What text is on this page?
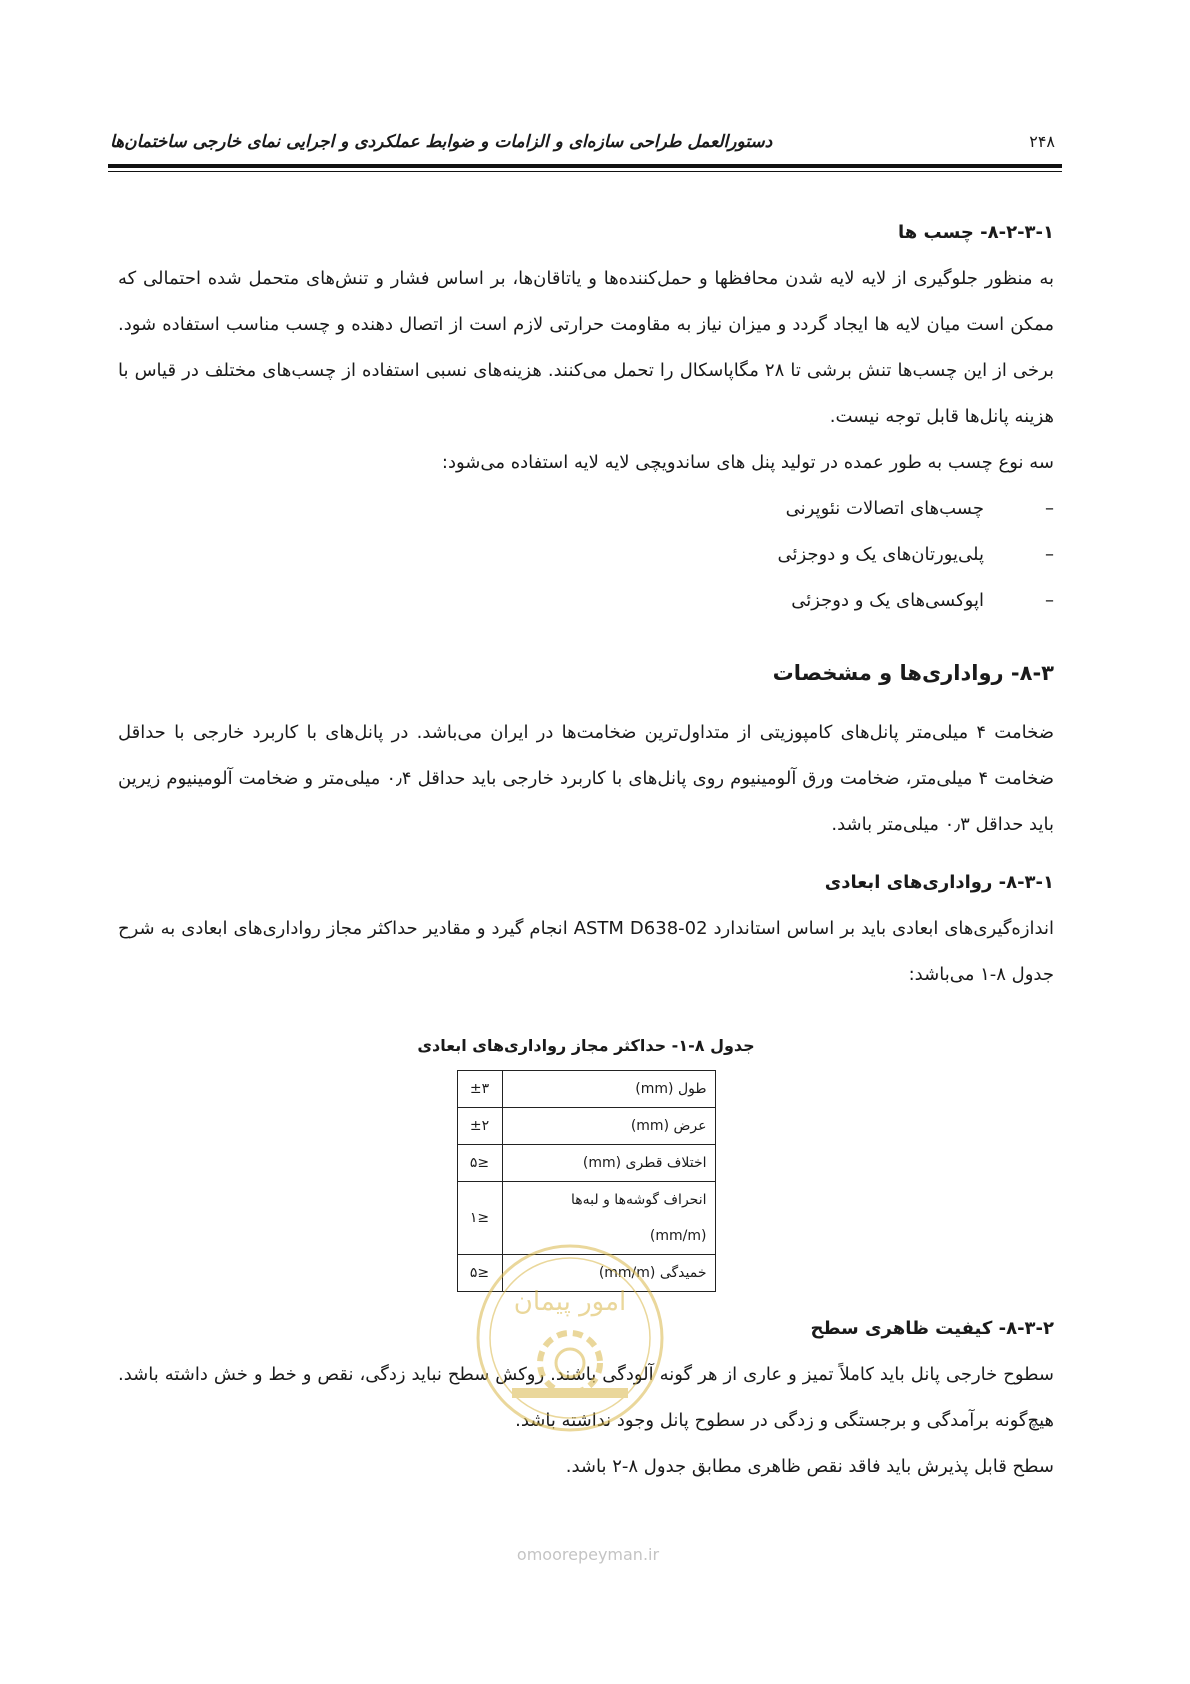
دستورالعمل طراحی سازه‌ای و الزامات و ضوابط عملکردی و اجرایی نمای خارجی ساختمان‌ها	۲۴۸
۸-۲-۳-۱- چسب ها

به منظور جلوگیری از لایه لایه شدن محافظها و حمل‌کننده‌ها و یاتاقان‌ها، بر اساس فشار و تنش‌های متحمل شده احتمالی که ممکن است میان لایه ها ایجاد گردد و میزان نیاز به مقاومت حرارتی لازم است از اتصال دهنده و چسب مناسب استفاده شود. برخی از این چسب‌ها تنش برشی تا ۲۸ مگاپاسکال را تحمل می‌کنند. هزینه‌های نسبی استفاده از چسب‌های مختلف در قیاس با هزینه پانل‌ها قابل توجه نیست.

سه نوع چسب به طور عمده در تولید پنل های ساندویچی لایه لایه استفاده می‌شود:

–
چسب‌های اتصالات نئوپرنی
–
پلی‌یورتان‌های یک و دوجزئی
–
اپوکسی‌های یک و دوجزئی
۸-۳- رواداری‌ها و مشخصات

ضخامت ۴ میلی‌متر پانل‌های کامپوزیتی از متداول‌ترین ضخامت‌ها در ایران می‌باشد. در پانل‌های با کاربرد خارجی با حداقل ضخامت ۴ میلی‌متر، ضخامت ورق آلومینیوم روی پانل‌های با کاربرد خارجی باید حداقل ۰٫۴ میلی‌متر و ضخامت آلومینیوم زیرین باید حداقل ۰٫۳ میلی‌متر باشد.

۸-۳-۱- رواداری‌های ابعادی

اندازه‌گیری‌های ابعادی باید بر اساس استاندارد ASTM D638-02 انجام گیرد و مقادیر حداکثر مجاز رواداری‌های ابعادی به شرح جدول ۸-۱ می‌باشد:

جدول ۸-۱- حداکثر مجاز رواداری‌های ابعادی
طول (mm)	±۳
عرض (mm)	±۲
اختلاف قطری (mm)	≤۵
انحراف گوشه‌ها و لبه‌ها (mm/m)	≤۱
خمیدگی (mm/m)	≤۵
۸-۳-۲- کیفیت ظاهری سطح

سطوح خارجی پانل باید کاملاً تمیز و عاری از هر گونه آلودگی باشند. روکش سطح نباید زدگی، نقص و خط و خش داشته باشد. هیچ‌گونه برآمدگی و برجستگی و زدگی در سطوح پانل وجود نداشته باشد.

سطح قابل پذیرش باید فاقد نقص ظاهری مطابق جدول ۸-۲ باشد.

امور پیمان
omoorepeyman.ir
